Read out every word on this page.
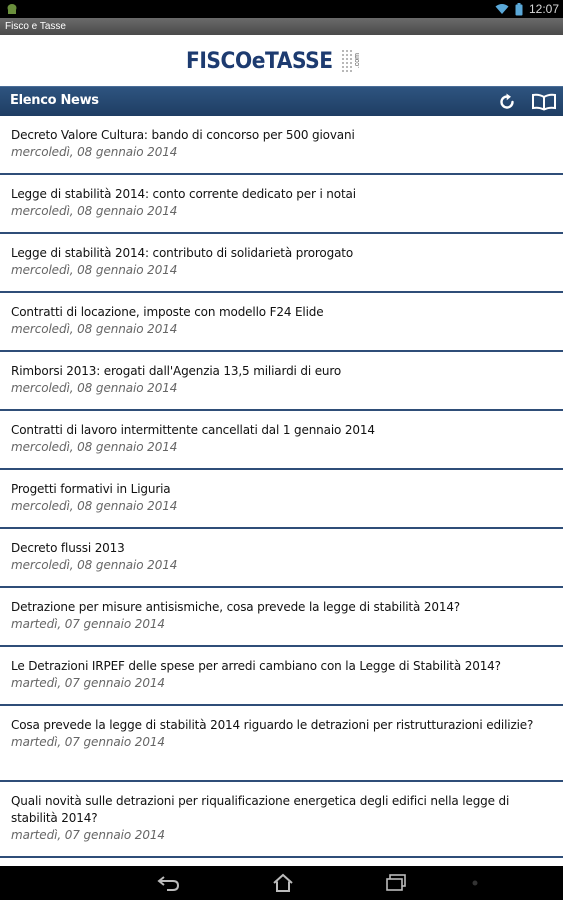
12:07
Fisco e Tasse
FISCOeTASSE	.com
Elenco News
Decreto Valore Cultura: bando di concorso per 500 giovani
mercoledì, 08 gennaio 2014
Legge di stabilità 2014: conto corrente dedicato per i notai
mercoledì, 08 gennaio 2014
Legge di stabilità 2014: contributo di solidarietà prorogato
mercoledì, 08 gennaio 2014
Contratti di locazione, imposte con modello F24 Elide
mercoledì, 08 gennaio 2014
Rimborsi 2013: erogati dall'Agenzia 13,5 miliardi di euro
mercoledì, 08 gennaio 2014
Contratti di lavoro intermittente cancellati dal 1 gennaio 2014
mercoledì, 08 gennaio 2014
Progetti formativi in Liguria
mercoledì, 08 gennaio 2014
Decreto flussi 2013
mercoledì, 08 gennaio 2014
Detrazione per misure antisismiche, cosa prevede la legge di stabilità 2014?
martedì, 07 gennaio 2014
Le Detrazioni IRPEF delle spese per arredi cambiano con la Legge di Stabilità 2014?
martedì, 07 gennaio 2014
Cosa prevede la legge di stabilità 2014 riguardo le detrazioni per ristrutturazioni edilizie?
martedì, 07 gennaio 2014
Quali novità sulle detrazioni per riqualificazione energetica degli edifici nella legge di stabilità 2014?
martedì, 07 gennaio 2014
